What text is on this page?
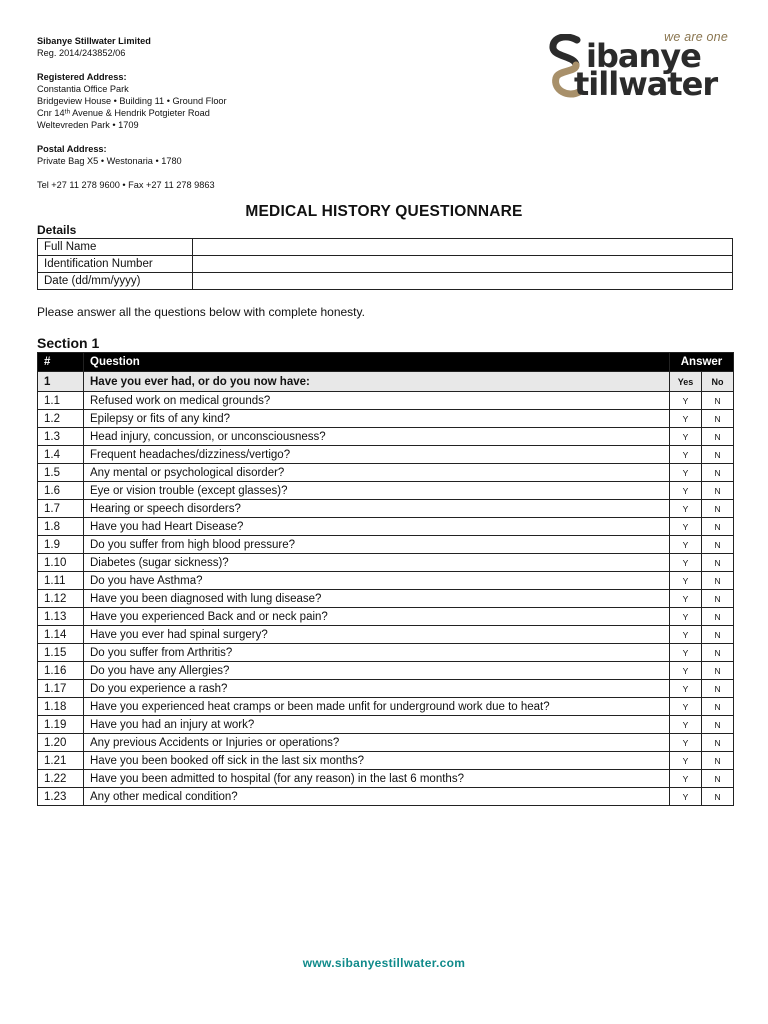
Sibanye Stillwater Limited
Reg. 2014/243852/06
Registered Address:
Constantia Office Park
Bridgeview House • Building 11 • Ground Floor
Cnr 14ᵗʰ Avenue & Hendrik Potgieter Road
Weltevreden Park • 1709
Postal Address:
Private Bag X5 • Westonaria • 1780
Tel +27 11 278 9600 • Fax +27 11 278 9863
we are one
ibanye
tillwater
MEDICAL HISTORY QUESTIONNARE
Details
Full Name	
Identification Number	
Date (dd/mm/yyyy)	
Please answer all the questions below with complete honesty.
Section 1
#	Question	Answer	
1	Have you ever had, or do you now have:	Yes	No
1.1	Refused work on medical grounds?	Y	N
1.2	Epilepsy or fits of any kind?	Y	N
1.3	Head injury, concussion, or unconsciousness?	Y	N
1.4	Frequent headaches/dizziness/vertigo?	Y	N
1.5	Any mental or psychological disorder?	Y	N
1.6	Eye or vision trouble (except glasses)?	Y	N
1.7	Hearing or speech disorders?	Y	N
1.8	Have you had Heart Disease?	Y	N
1.9	Do you suffer from high blood pressure?	Y	N
1.10	Diabetes (sugar sickness)?	Y	N
1.11	Do you have Asthma?	Y	N
1.12	Have you been diagnosed with lung disease?	Y	N
1.13	Have you experienced Back and or neck pain?	Y	N
1.14	Have you ever had spinal surgery?	Y	N
1.15	Do you suffer from Arthritis?	Y	N
1.16	Do you have any Allergies?	Y	N
1.17	Do you experience a rash?	Y	N
1.18	Have you experienced heat cramps or been made unfit for underground work due to heat?	Y	N
1.19	Have you had an injury at work?	Y	N
1.20	Any previous Accidents or Injuries or operations?	Y	N
1.21	Have you been booked off sick in the last six months?	Y	N
1.22	Have you been admitted to hospital (for any reason) in the last 6 months?	Y	N
1.23	Any other medical condition?	Y	N
www.sibanyestillwater.com
